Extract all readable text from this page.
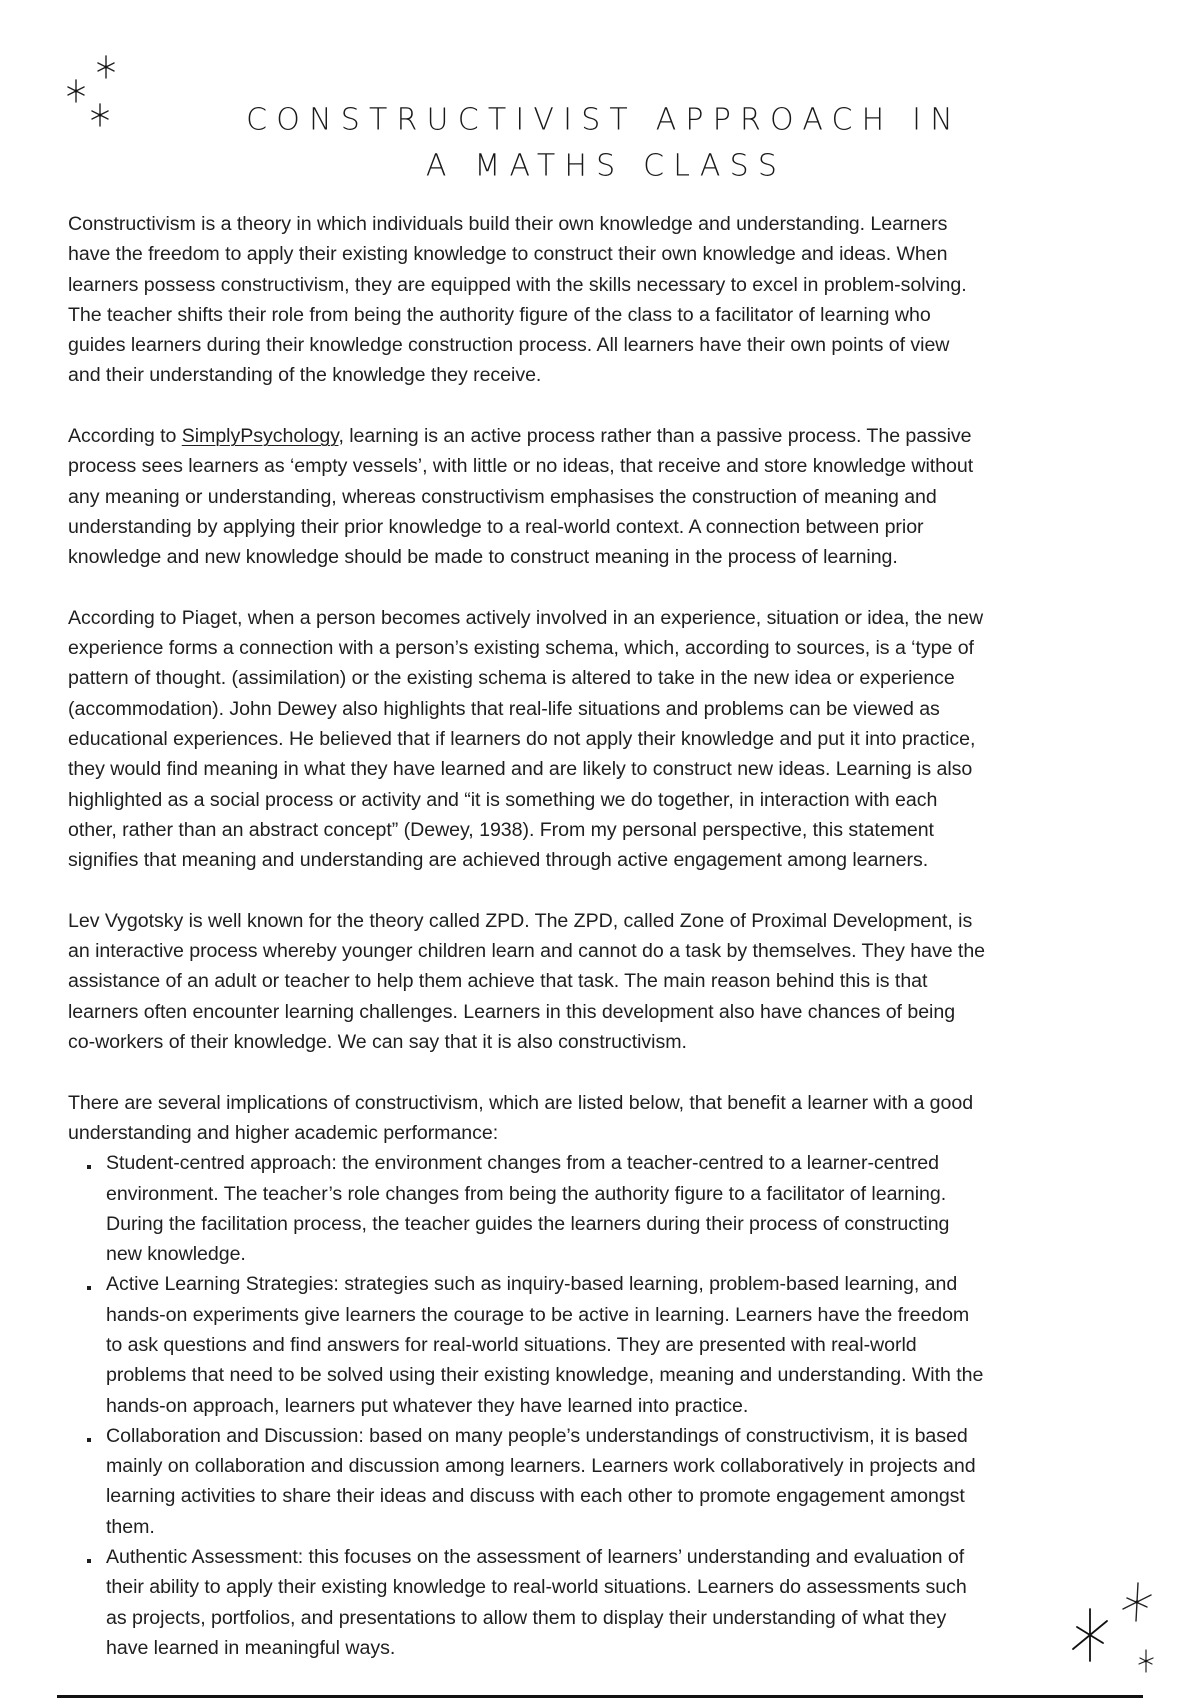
CONSTRUCTIVIST APPROACH IN
A MATHS CLASS

Constructivism is a theory in which individuals build their own knowledge and understanding. Learners
have the freedom to apply their existing knowledge to construct their own knowledge and ideas. When
learners possess constructivism, they are equipped with the skills necessary to excel in problem-solving.
The teacher shifts their role from being the authority figure of the class to a facilitator of learning who
guides learners during their knowledge construction process. All learners have their own points of view
and their understanding of the knowledge they receive.

According to SimplyPsychology, learning is an active process rather than a passive process. The passive
process sees learners as ‘empty vessels’, with little or no ideas, that receive and store knowledge without
any meaning or understanding, whereas constructivism emphasises the construction of meaning and
understanding by applying their prior knowledge to a real-world context. A connection between prior
knowledge and new knowledge should be made to construct meaning in the process of learning.

According to Piaget, when a person becomes actively involved in an experience, situation or idea, the new
experience forms a connection with a person’s existing schema, which, according to sources, is a ‘type of
pattern of thought. (assimilation) or the existing schema is altered to take in the new idea or experience
(accommodation). John Dewey also highlights that real-life situations and problems can be viewed as
educational experiences. He believed that if learners do not apply their knowledge and put it into practice,
they would find meaning in what they have learned and are likely to construct new ideas. Learning is also
highlighted as a social process or activity and “it is something we do together, in interaction with each
other, rather than an abstract concept” (Dewey, 1938). From my personal perspective, this statement
signifies that meaning and understanding are achieved through active engagement among learners.

Lev Vygotsky is well known for the theory called ZPD. The ZPD, called Zone of Proximal Development, is
an interactive process whereby younger children learn and cannot do a task by themselves. They have the
assistance of an adult or teacher to help them achieve that task. The main reason behind this is that
learners often encounter learning challenges. Learners in this development also have chances of being
co-workers of their knowledge. We can say that it is also constructivism.

There are several implications of constructivism, which are listed below, that benefit a learner with a good
understanding and higher academic performance:

Student-centred approach: the environment changes from a teacher-centred to a learner-centred
environment. The teacher’s role changes from being the authority figure to a facilitator of learning.
During the facilitation process, the teacher guides the learners during their process of constructing
new knowledge.
Active Learning Strategies: strategies such as inquiry-based learning, problem-based learning, and
hands-on experiments give learners the courage to be active in learning. Learners have the freedom
to ask questions and find answers for real-world situations. They are presented with real-world
problems that need to be solved using their existing knowledge, meaning and understanding. With the
hands-on approach, learners put whatever they have learned into practice.
Collaboration and Discussion: based on many people’s understandings of constructivism, it is based
mainly on collaboration and discussion among learners. Learners work collaboratively in projects and
learning activities to share their ideas and discuss with each other to promote engagement amongst
them.
Authentic Assessment: this focuses on the assessment of learners’ understanding and evaluation of
their ability to apply their existing knowledge to real-world situations. Learners do assessments such
as projects, portfolios, and presentations to allow them to display their understanding of what they
have learned in meaningful ways.
